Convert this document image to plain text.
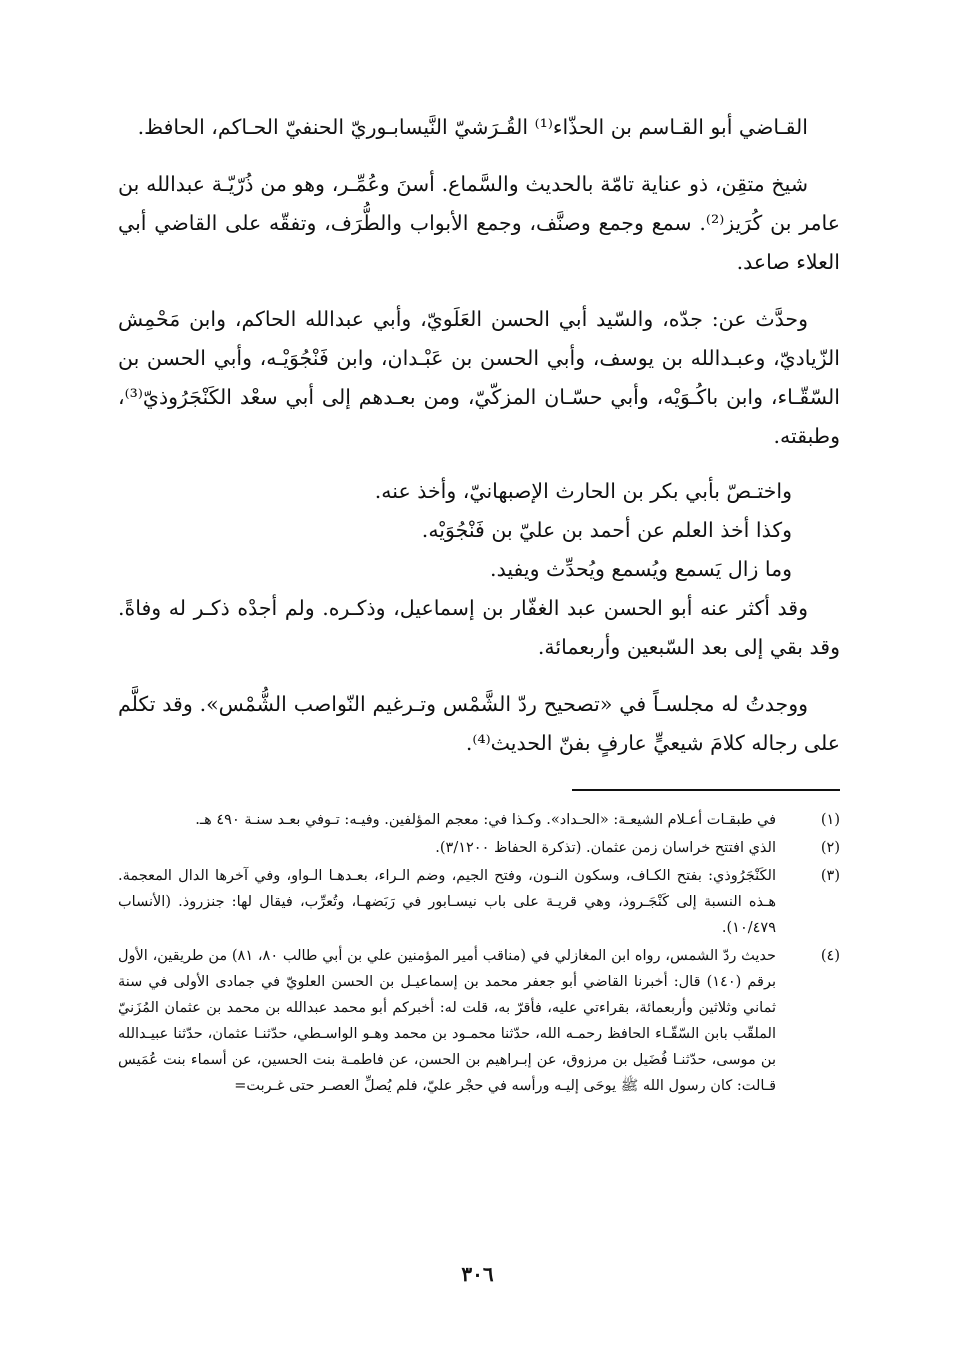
القـاضي أبو القـاسم بن الحذّاء⁽¹⁾ القُـرَشيّ النَّيسابـوريّ الحنفيّ الحـاكم، الحافظ.

شيخ متقِن، ذو عناية تامّة بالحديث والسَّماع. أسنَ وعُمِّـر، وهو من ذُرّيّـة عبدالله بن عامر بن كُرَيز⁽²⁾. سمع وجمع وصنَّف، وجمع الأبواب والطُّرَف، وتفقّه على القاضي أبي العلاء صاعد.

وحدَّث عن: جدّه، والسّيد أبي الحسن العَلَويّ، وأبي عبدالله الحاكم، وابن مَحْمِش الزّياديّ، وعبـدالله بن يوسف، وأبي الحسن بن عَبْـدان، وابن فَنْجُوَيْـه، وأبي الحسن بن السّقّـاء، وابن باكُـوَيْه، وأبي حسّـان المزكّيّ، ومن بعـدهم إلى أبي سعْد الكَنْجَرُوذيّ⁽³⁾، وطبقته.

واختـصّ بأبي بكر بن الحارث الإصبهانيّ، وأخذ عنه.

وكذا أخذ العلم عن أحمد بن عليّ بن فَنْجُوَيْه.

وما زال يَسمع ويُسمع ويُحدِّث ويفيد.

وقد أكثر عنه أبو الحسن عبد الغفّار بن إسماعيل، وذكـره. ولم أجدْه ذكـر له وفاةً. وقد بقي إلى بعد السّبعين وأربعمائة.

ووجدتُ له مجلسـاً في «تصحيح ردّ الشَّمْس وتـرغيم النّواصب الشُّمْس». وقد تكلَّم على رجاله كلامَ شيعيٍّ عارفٍ بفنّ الحديث⁽⁴⁾.

(١)
في طبقـات أعـلام الشيعـة: «الحـداد». وكـذا في: معجم المؤلفين. وفيـه: تـوفي بعـد سنـة ٤٩٠ هـ.
(٢)
الذي افتتح خراسان زمن عثمان. (تذكرة الحفاظ ٣/١٢٠٠).
(٣)
الكَنْجَرُوذي: بفتح الكـاف، وسكون النـون، وفتح الجيم، وضم الـراء، بعـدهـا الـواو، وفي آخرها الدال المعجمة. هـذه النسبة إلى كَنْجَـروذ، وهي قريـة على باب نيسـابور في رَبَضهـا، وتُعرِّب، فيقال لها: جنزروذ. (الأنساب ١٠/٤٧٩).
(٤)
حديث ردّ الشمس، رواه ابن المغازلي في (مناقب أمير المؤمنين علي بن أبي طالب ٨٠، ٨١) من طريقين، الأول برقم (١٤٠) قال: أخبرنا القاضي أبو جعفر محمد بن إسماعيـل بن الحسن العلويّ في جمادى الأولى في سنة ثماني وثلاثين وأربعمائة، بقراءتي عليه، فأقرّ به، قلت له: أخبركم أبو محمد عبدالله بن محمد بن عثمان المُزَنيّ الملقّب بابن السّقّـاء الحافظ رحمـه الله، حدّثنا محمـود بن محمد وهـو الواسـطي، حدّثنـا عثمان، حدّثنا عبيـدالله بن موسى، حدّثنـا فُضَيل بن مرزوق، عن إبـراهيم بن الحسن، عن فاطمـة بنت الحسين، عن أسماء بنت عُمَيس قـالت: كان رسول الله ﷺ يوحَى إليـه ورأسه في حجْر عليّ، فلم يُصلِّ العصـر حتى غـربت=
٣٠٦
